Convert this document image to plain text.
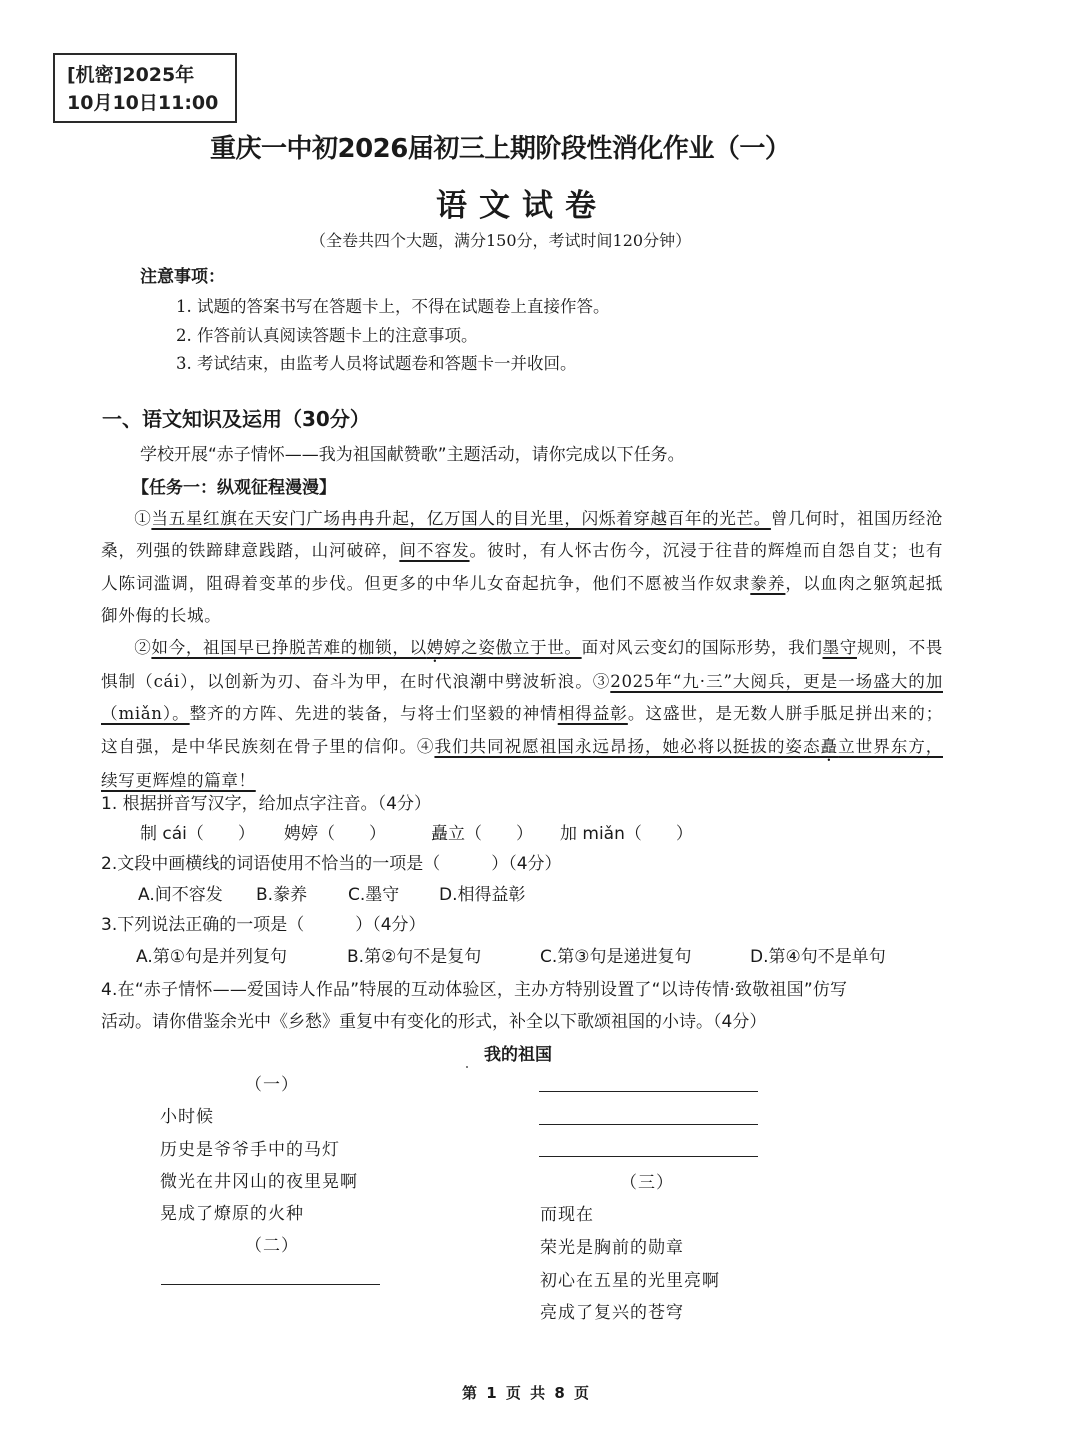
[机密]2025年
10月10日11:00
重庆一中初2026届初三上期阶段性消化作业（一）
语文试卷
（全卷共四个大题，满分150分，考试时间120分钟）
注意事项：
1. 试题的答案书写在答题卡上，不得在试题卷上直接作答。
2. 作答前认真阅读答题卡上的注意事项。
3. 考试结束，由监考人员将试题卷和答题卡一并收回。
一、语文知识及运用（30分）
学校开展“赤子情怀——我为祖国献赞歌”主题活动，请你完成以下任务。
【任务一：纵观征程漫漫】
①当五星红旗在天安门广场冉冉升起，亿万国人的目光里，闪烁着穿越百年的光芒。曾几何时，祖国历经沧桑，列强的铁蹄肆意践踏，山河破碎，间不容发。彼时，有人怀古伤今，沉浸于往昔的辉煌而自怨自艾；也有人陈词滥调，阻碍着变革的步伐。但更多的中华儿女奋起抗争，他们不愿被当作奴隶豢养，以血肉之躯筑起抵御外侮的长城。
②如今，祖国早已挣脱苦难的枷锁，以娉婷之姿傲立于世。面对风云变幻的国际形势，我们墨守规则，不畏惧制（cái），以创新为刃、奋斗为甲，在时代浪潮中劈波斩浪。③2025年“九·三”大阅兵，更是一场盛大的加（miǎn）。整齐的方阵、先进的装备，与将士们坚毅的神情相得益彰。这盛世，是无数人胼手胝足拼出来的；这自强，是中华民族刻在骨子里的信仰。④我们共同祝愿祖国永远昂扬，她必将以挺拔的姿态矗立世界东方，续写更辉煌的篇章！
1. 根据拼音写汉字，给加点字注音。（4分）
制 cái（　　） 娉婷（　　）	矗立（　　） 加 miǎn（　　）
2.文段中画横线的词语使用不恰当的一项是（　　　）（4分）
A.间不容发 B.豢养 C.墨守 D.相得益彰
3.下列说法正确的一项是（　　　）（4分）
A.第①句是并列复句	B.第②句不是复句	C.第③句是递进复句	D.第④句不是单句
4.在“赤子情怀——爱国诗人作品”特展的互动体验区，主办方特别设置了“以诗传情·致敬祖国”仿写
活动。请你借鉴余光中《乡愁》重复中有变化的形式，补全以下歌颂祖国的小诗。（4分）
我的祖国
（一）
小时候
历史是爷爷手中的马灯
微光在井冈山的夜里晃啊
晃成了燎原的火种
（二）
（三）
而现在
荣光是胸前的勋章
初心在五星的光里亮啊
亮成了复兴的苍穹
第 1 页 共 8 页
